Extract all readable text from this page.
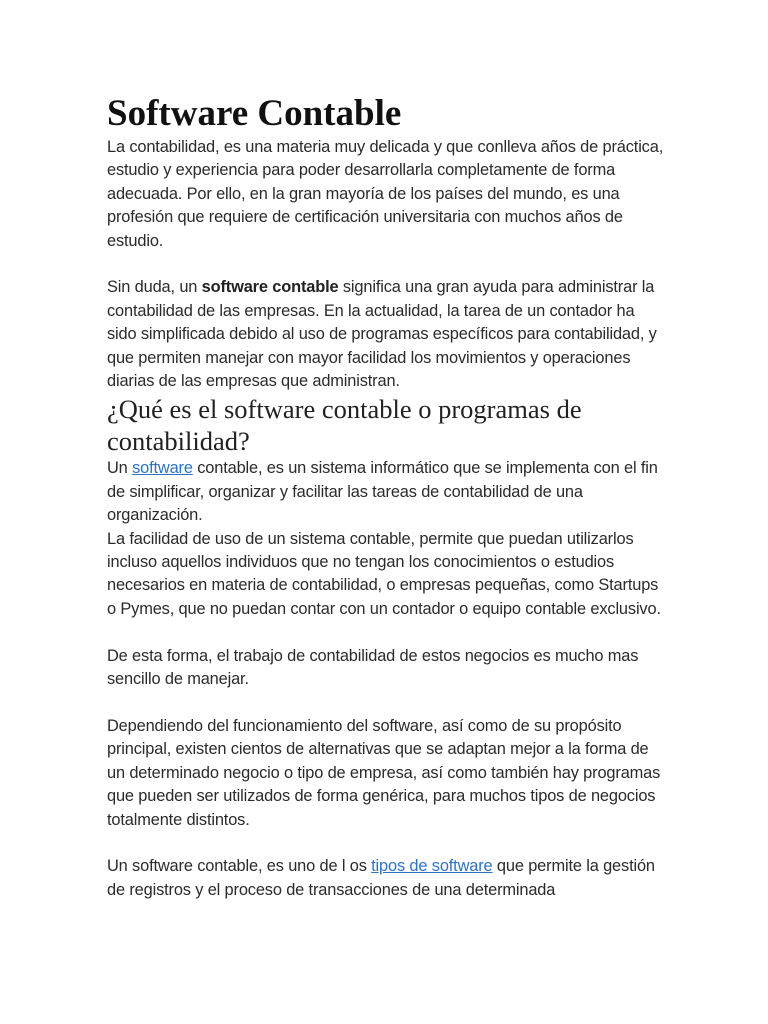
Software Contable

La contabilidad, es una materia muy delicada y que conlleva años de práctica, estudio y experiencia para poder desarrollarla completamente de forma adecuada. Por ello, en la gran mayoría de los países del mundo, es una profesión que requiere de certificación universitaria con muchos años de estudio.

Sin duda, un software contable significa una gran ayuda para administrar la contabilidad de las empresas. En la actualidad, la tarea de un contador ha sido simplificada debido al uso de programas específicos para contabilidad, y que permiten manejar con mayor facilidad los movimientos y operaciones diarias de las empresas que administran.

¿Qué es el software contable o programas de contabilidad?

Un software contable, es un sistema informático que se implementa con el fin de simplificar, organizar y facilitar las tareas de contabilidad de una organización.

La facilidad de uso de un sistema contable, permite que puedan utilizarlos incluso aquellos individuos que no tengan los conocimientos o estudios necesarios en materia de contabilidad, o empresas pequeñas, como Startups o Pymes, que no puedan contar con un contador o equipo contable exclusivo.

De esta forma, el trabajo de contabilidad de estos negocios es mucho mas sencillo de manejar.

Dependiendo del funcionamiento del software, así como de su propósito principal, existen cientos de alternativas que se adaptan mejor a la forma de un determinado negocio o tipo de empresa, así como también hay programas que pueden ser utilizados de forma genérica, para muchos tipos de negocios totalmente distintos.

Un software contable, es uno de l os tipos de software que permite la gestión de registros y el proceso de transacciones de una determinada
